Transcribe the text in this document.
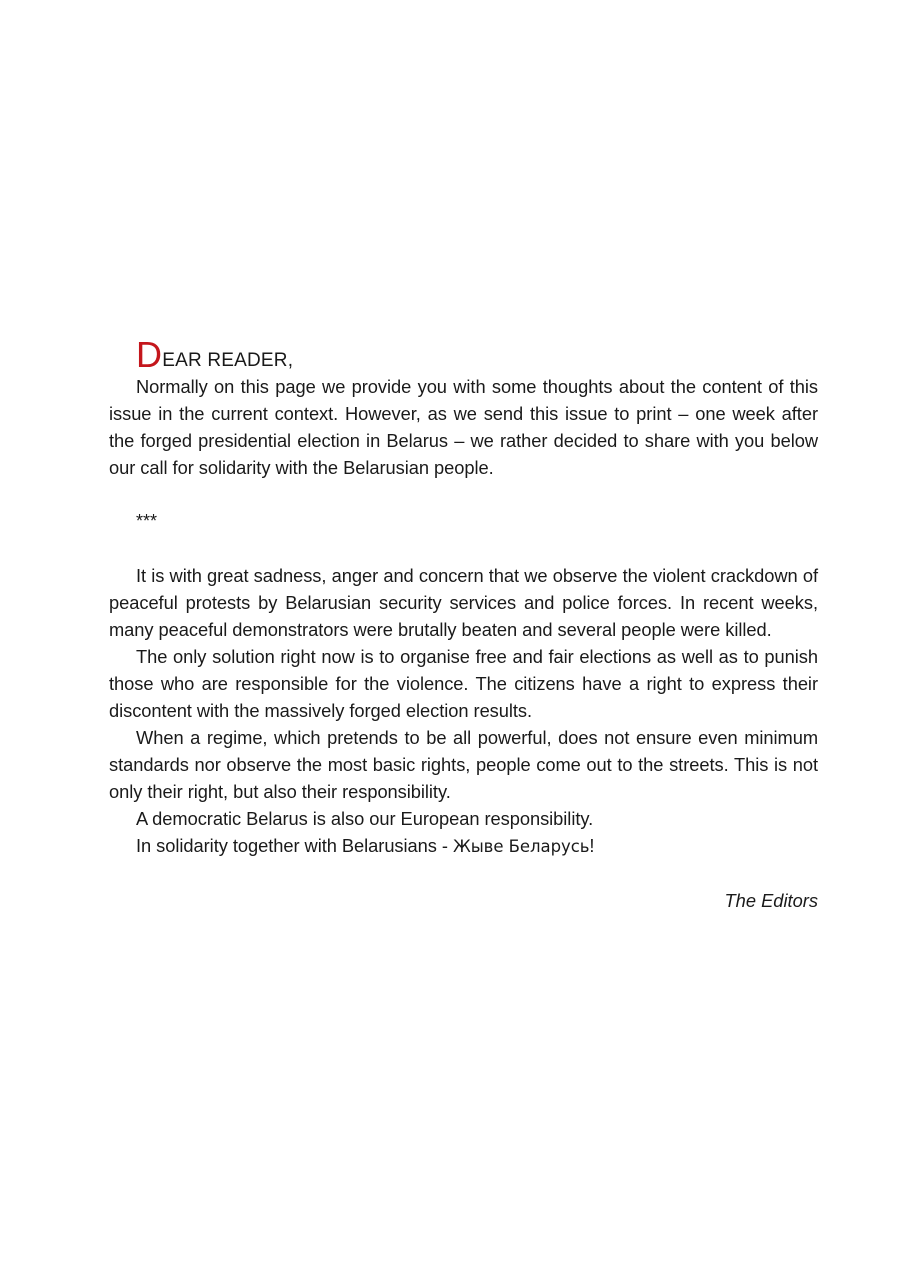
DEAR READER,

Normally on this page we provide you with some thoughts about the content of this issue in the current context. However, as we send this issue to print – one week after the forged presidential election in Belarus – we rather decided to share with you below our call for solidarity with the Belarusian people.

***

It is with great sadness, anger and concern that we observe the violent crackdown of peaceful protests by Belarusian security services and police forces. In recent weeks, many peaceful demonstrators were brutally beaten and several people were killed.

The only solution right now is to organise free and fair elections as well as to punish those who are responsible for the violence. The citizens have a right to express their discontent with the massively forged election results.

When a regime, which pretends to be all powerful, does not ensure even minimum standards nor observe the most basic rights, people come out to the streets. This is not only their right, but also their responsibility.

A democratic Belarus is also our European responsibility.

In solidarity together with Belarusians - Жыве Беларусь!

The Editors
